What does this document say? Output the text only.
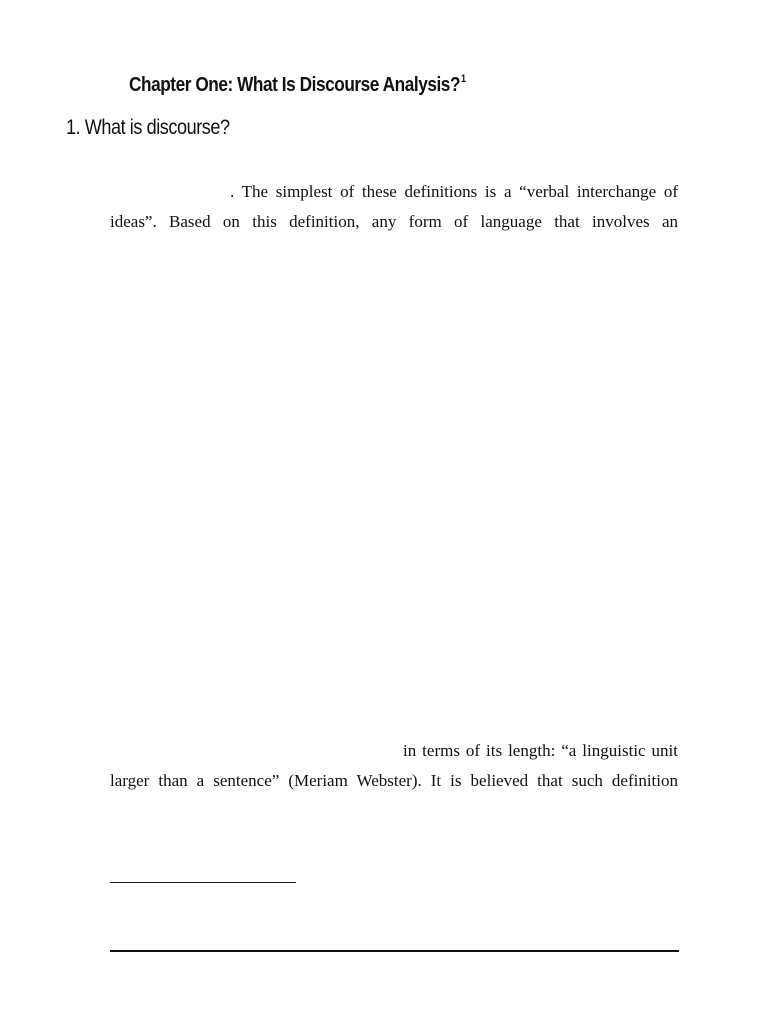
Chapter One: What Is Discourse Analysis?$^1$
1. What is discourse?
. The simplest of these definitions is a “verbal interchange of
ideas”. Based on this definition, any form of language that involves an
in terms of its length: “a linguistic unit
larger than a sentence” (Meriam Webster). It is believed that such definition
